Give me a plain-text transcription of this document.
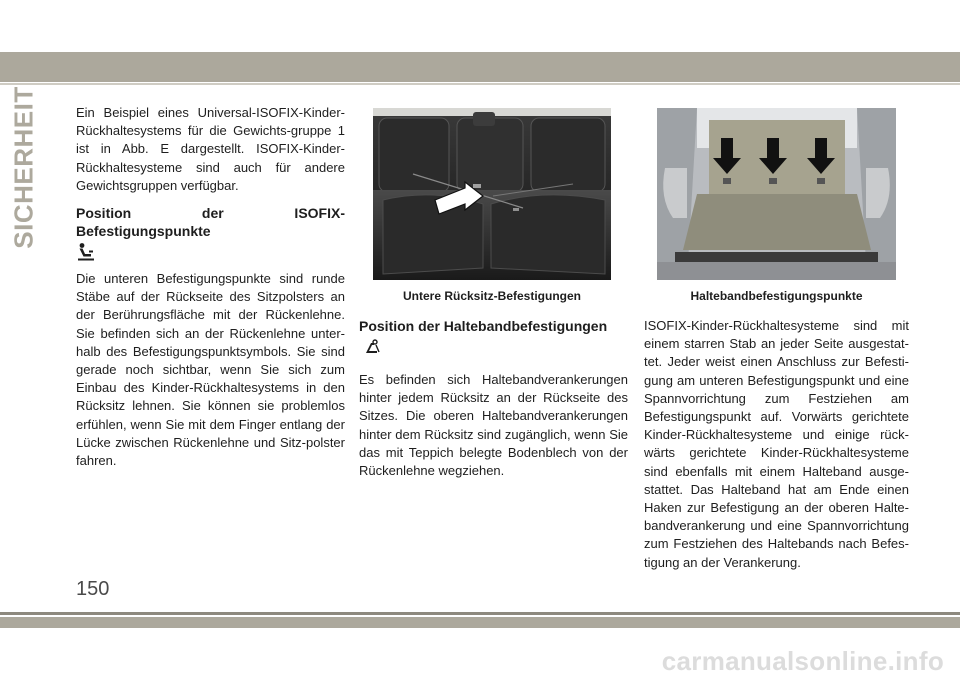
SICHERHEIT	Ein Beispiel eines Universal-ISOFIX-Kinder-Rückhaltesystems für die Gewichts-gruppe 1 ist in Abb. E dargestellt. ISOFIX-Kinder-Rückhaltesysteme sind auch für andere Gewichtsgruppen verfügbar.

Position der ISOFIX-Befestigungspunkte

Die unteren Befestigungspunkte sind runde Stäbe auf der Rückseite des Sitzpolsters an der Berührungsfläche mit der Rückenlehne. Sie befinden sich an der Rückenlehne unter-halb des Befestigungspunktsymbols. Sie sind gerade noch sichtbar, wenn Sie sich zum Einbau des Kinder-Rückhaltesystems in den Rücksitz lehnen. Sie können sie problemlos erfühlen, wenn Sie mit dem Finger entlang der Lücke zwischen Rückenlehne und Sitz-polster fahren.

Untere Rücksitz-Befestigungen	Haltebandbefestigungspunkte
Position der Haltebandbefestigungen

Es befinden sich Haltebandverankerungen hinter jedem Rücksitz an der Rückseite des Sitzes. Die oberen Haltebandverankerungen hinter dem Rücksitz sind zugänglich, wenn Sie das mit Teppich belegte Bodenblech von der Rückenlehne wegziehen.

ISOFIX-Kinder-Rückhaltesysteme sind mit einem starren Stab an jeder Seite ausgestat-tet. Jeder weist einen Anschluss zur Befesti-gung am unteren Befestigungspunkt und eine Spannvorrichtung zum Festziehen am Befestigungspunkt auf. Vorwärts gerichtete Kinder-Rückhaltesysteme und einige rück-wärts gerichtete Kinder-Rückhaltesysteme sind ebenfalls mit einem Halteband ausge-stattet. Das Halteband hat am Ende einen Haken zur Befestigung an der oberen Halte-bandverankerung und eine Spannvorrichtung zum Festziehen des Haltebands nach Befes-tigung an der Verankerung.

150
carmanualsonline.info
